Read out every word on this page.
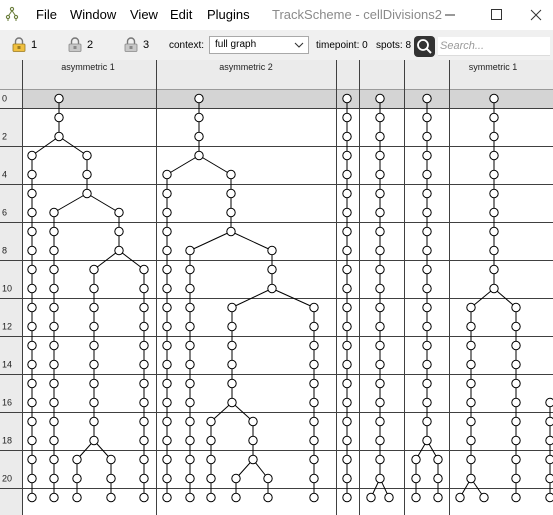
File Window View Edit Plugins TrackScheme - cellDivisions2
1	2	3 context:	timepoint: 0 spots: 8
full graph
Search...
asymmetric 1	asymmetric 2	symmetric 1
0
2
4
6
8
10
12
14
16
18
20
